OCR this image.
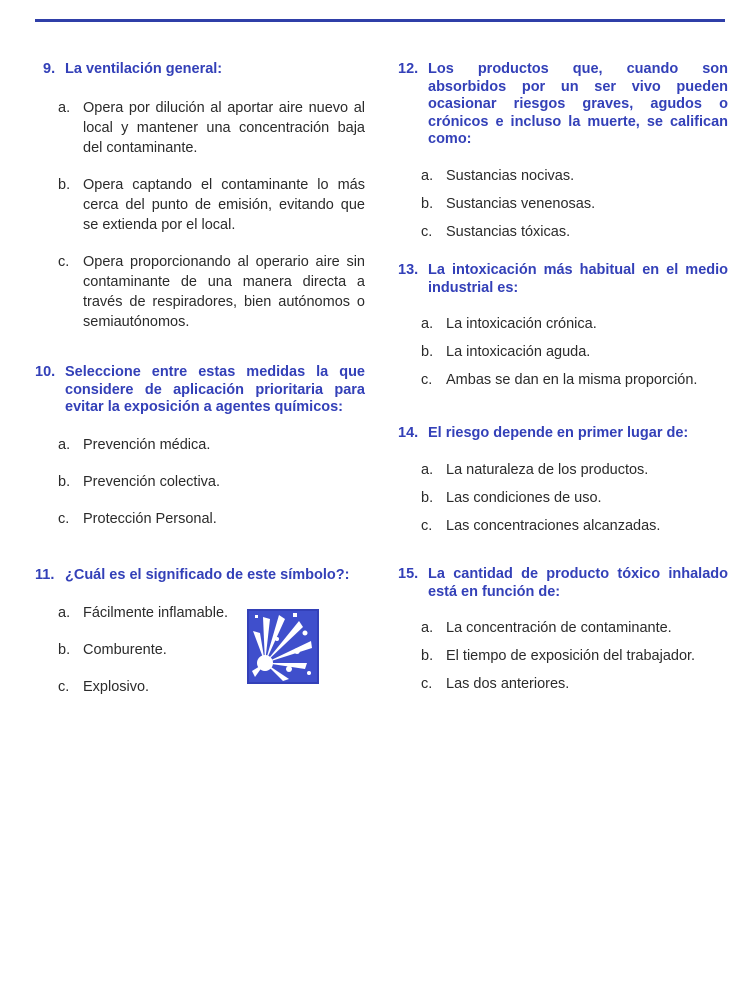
9. La ventilación general:
a. Opera por dilución al aportar aire nuevo al local y mantener una concentración baja del contaminante.
b. Opera captando el contaminante lo más cerca del punto de emisión, evitando que se extienda por el local.
c. Opera proporcionando al operario aire sin contaminante de una manera directa a través de respiradores, bien autónomos o semiautónomos.
10. Seleccione entre estas medidas la que considere de aplicación prioritaria para evitar la exposición a agentes químicos:
a. Prevención médica.
b. Prevención colectiva.
c. Protección Personal.
11. ¿Cuál es el significado de este símbolo?:
a. Fácilmente inflamable.
b. Comburente.
c. Explosivo.
12. Los productos que, cuando son absorbidos por un ser vivo pueden ocasionar riesgos graves, agudos o crónicos e incluso la muerte, se califican como:
a. Sustancias nocivas.
b. Sustancias venenosas.
c. Sustancias tóxicas.
13. La intoxicación más habitual en el medio industrial es:
a. La intoxicación crónica.
b. La intoxicación aguda.
c. Ambas se dan en la misma proporción.
14. El riesgo depende en primer lugar de:
a. La naturaleza de los productos.
b. Las condiciones de uso.
c. Las concentraciones alcanzadas.
15. La cantidad de producto tóxico inhalado está en función de:
a. La concentración de contaminante.
b. El tiempo de exposición del trabajador.
c. Las dos anteriores.
